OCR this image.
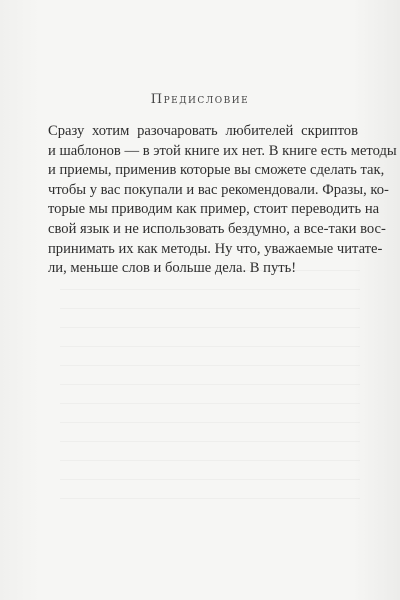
Предисловие
Сразу хотим разочаровать любителей скриптов
и шаблонов — в этой книге их нет. В книге есть методы
и приемы, применив которые вы сможете сделать так,
чтобы у вас покупали и вас рекомендовали. Фразы, ко-
торые мы приводим как пример, стоит переводить на
свой язык и не использовать бездумно, а все-таки вос-
принимать их как методы. Ну что, уважаемые читате-
ли, меньше слов и больше дела. В путь!
